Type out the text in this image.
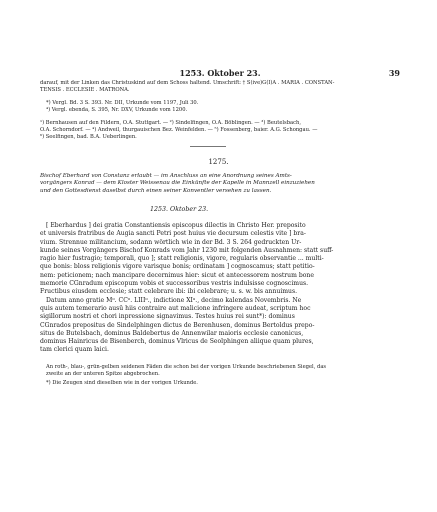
1253. Oktober 23.	39
darauf, mit der Linken das Christuskind auf dem Schoss haltend. Umschrift: † S(ive)G(I)A . MARIA . CONSTAN-
TENSIS . ECCLESIE . MATRONA.
*) Vergl. Bd. 3 S. 393. Nr. DII, Urkunde vom 1197, Juli 30.
⁴) Vergl. ebenda, S. 395, Nr. DXV, Urkunde vom 1200.
¹) Bernhausen auf den Fildern, O.A. Stuttgart. — ²) Sindelfingen, O.A. Böblingen. — ³) Beutelsbach,
O.A. Schorndorf. — ⁴) Andweil, thurgauischen Bez. Weinfelden. — ⁵) Fossenberg, baier. A.G. Schongau. —
⁶) Seelfingen, bad. B.A. Ueberlingen.
1275.
Bischof Eberhard von Constanz erlaubt — im Anschluss an eine Anordnung seines Amts-
vorgängers Konrad — dem Kloster Weissenau die Einkünfte der Kapelle in Mannzell einzuziehen
und den Gottesdienst daselbst durch einen seiner Konventler versehen zu lassen.
1253. Oktober 23.
[ Eberhardus ] dei gratia Constantiensis episcopus dilectis in Christo Her. preposito
et universis fratribus de Augia sancti Petri post huius vie decursum celestis vite ] bra-
vium. Strennue militancium, sodann wörtlich wie in der Bd. 3 S. 264 gedruckten Ur-
kunde seines Vorgängers Bischof Konrads vom Jahr 1230 mit folgenden Ausnahmen: statt suff-
ragio hier fustragio; temporali, quo ]; statt religionis, vigore, regularis observantie ... multi-
que bonis: bloss religionis vigore varisque bonis; ordinatam ] cognoscamus; statt petitio-
nem: peticionem; nach mancipare decernimus hier: sicut et antecessorem nostrum bone
memorie CGnradum episcopum vobis et successoribus vestris indulsisse cognoscimus.
Fructibus eiusdem ecclesie; statt celebrare ibi: ibi celebrare; u. s. w. bis annuimus.
Datum anno gratie Mᵒ. CCᵒ. LIIIᵒ., indictione XIᵃ., decimo kalendas Novembris. Ne
quis autem temerario ausū hiis contraire aut malicione infringere audeat, scriptum hoc
sigillorum nostri et chori inpressione signavimus. Testes huius rei sunt*): dominus
CGnrados prepositus de Sindelphingen dictus de Berenhusen, dominus Bertoldus prepo-
situs de Butelsbach, dominus Baldebertus de Annenwilar maioris ecclesie canonicus,
dominus Hainricus de Bisenberch, dominus Vlricus de Seolphingen aliique quam plures,
tam clerici quam laici.
An roth-, blau-, grün-gelben seidenen Fäden die schon bei der vorigen Urkunde beschriebenen Siegel, das
zweite an der unteren Spitze abgebrochen.
*) Die Zeugen sind dieselben wie in der vorigen Urkunde.
